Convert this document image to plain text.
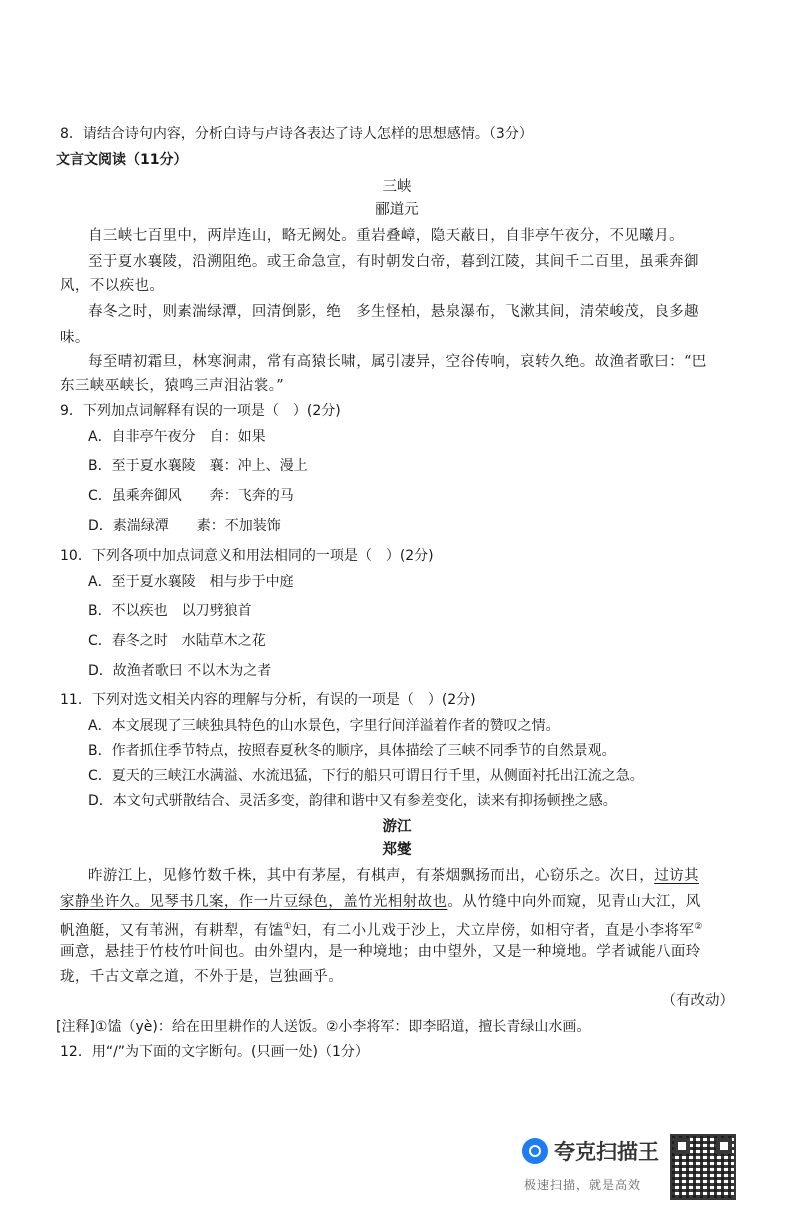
8．请结合诗句内容，分析白诗与卢诗各表达了诗人怎样的思想感情。（3分）
文言文阅读（11分）
三峡
郦道元
自三峡七百里中，两岸连山，略无阙处。重岩叠嶂，隐天蔽日，自非亭午夜分，不见曦月。
至于夏水襄陵，沿溯阻绝。或王命急宣，有时朝发白帝，暮到江陵，其间千二百里，虽乘奔御
风，不以疾也。
春冬之时，则素湍绿潭，回清倒影，绝　多生怪柏，悬泉瀑布，飞漱其间，清荣峻茂，良多趣
味。
每至晴初霜旦，林寒涧肃，常有高猿长啸，属引凄异，空谷传响，哀转久绝。故渔者歌曰：“巴
东三峡巫峡长，猿鸣三声泪沾裳。”
9．下列加点词解释有误的一项是（　）(2分)
A．自非亭午夜分　自：如果
B．至于夏水襄陵　襄：冲上、漫上
C．虽乘奔御风　　奔：飞奔的马
D．素湍绿潭　　素：不加装饰
10．下列各项中加点词意义和用法相同的一项是（　）(2分)
A．至于夏水襄陵　相与步于中庭
B．不以疾也　以刀劈狼首
C．春冬之时　水陆草木之花
D．故渔者歌曰 不以木为之者
11．下列对选文相关内容的理解与分析，有误的一项是（　）(2分)
A．本文展现了三峡独具特色的山水景色，字里行间洋溢着作者的赞叹之情。
B．作者抓住季节特点，按照春夏秋冬的顺序，具体描绘了三峡不同季节的自然景观。
C．夏天的三峡江水满溢、水流迅猛，下行的船只可谓日行千里，从侧面衬托出江流之急。
D．本文句式骈散结合、灵活多变，韵律和谐中又有参差变化，读来有抑扬顿挫之感。
游江
郑燮
昨游江上，见修竹数千株，其中有茅屋，有棋声，有茶烟飘扬而出，心窃乐之。次日，过访其
家静坐许久。见琴书几案，作一片豆绿色，盖竹光相射故也。从竹缝中向外而窥，见青山大江，风
帆渔艇，又有苇洲，有耕犁，有馌①妇，有二小儿戏于沙上，犬立岸傍，如相守者，直是小李将军②
画意，悬挂于竹枝竹叶间也。由外望内，是一种境地；由中望外，又是一种境地。学者诚能八面玲
珑，千古文章之道，不外于是，岂独画乎。
（有改动）
[注释]①馌（yè)：给在田里耕作的人送饭。②小李将军：即李昭道，擅长青绿山水画。
12．用“/”为下面的文字断句。(只画一处)（1分）
夸克扫描王
极速扫描，就是高效
